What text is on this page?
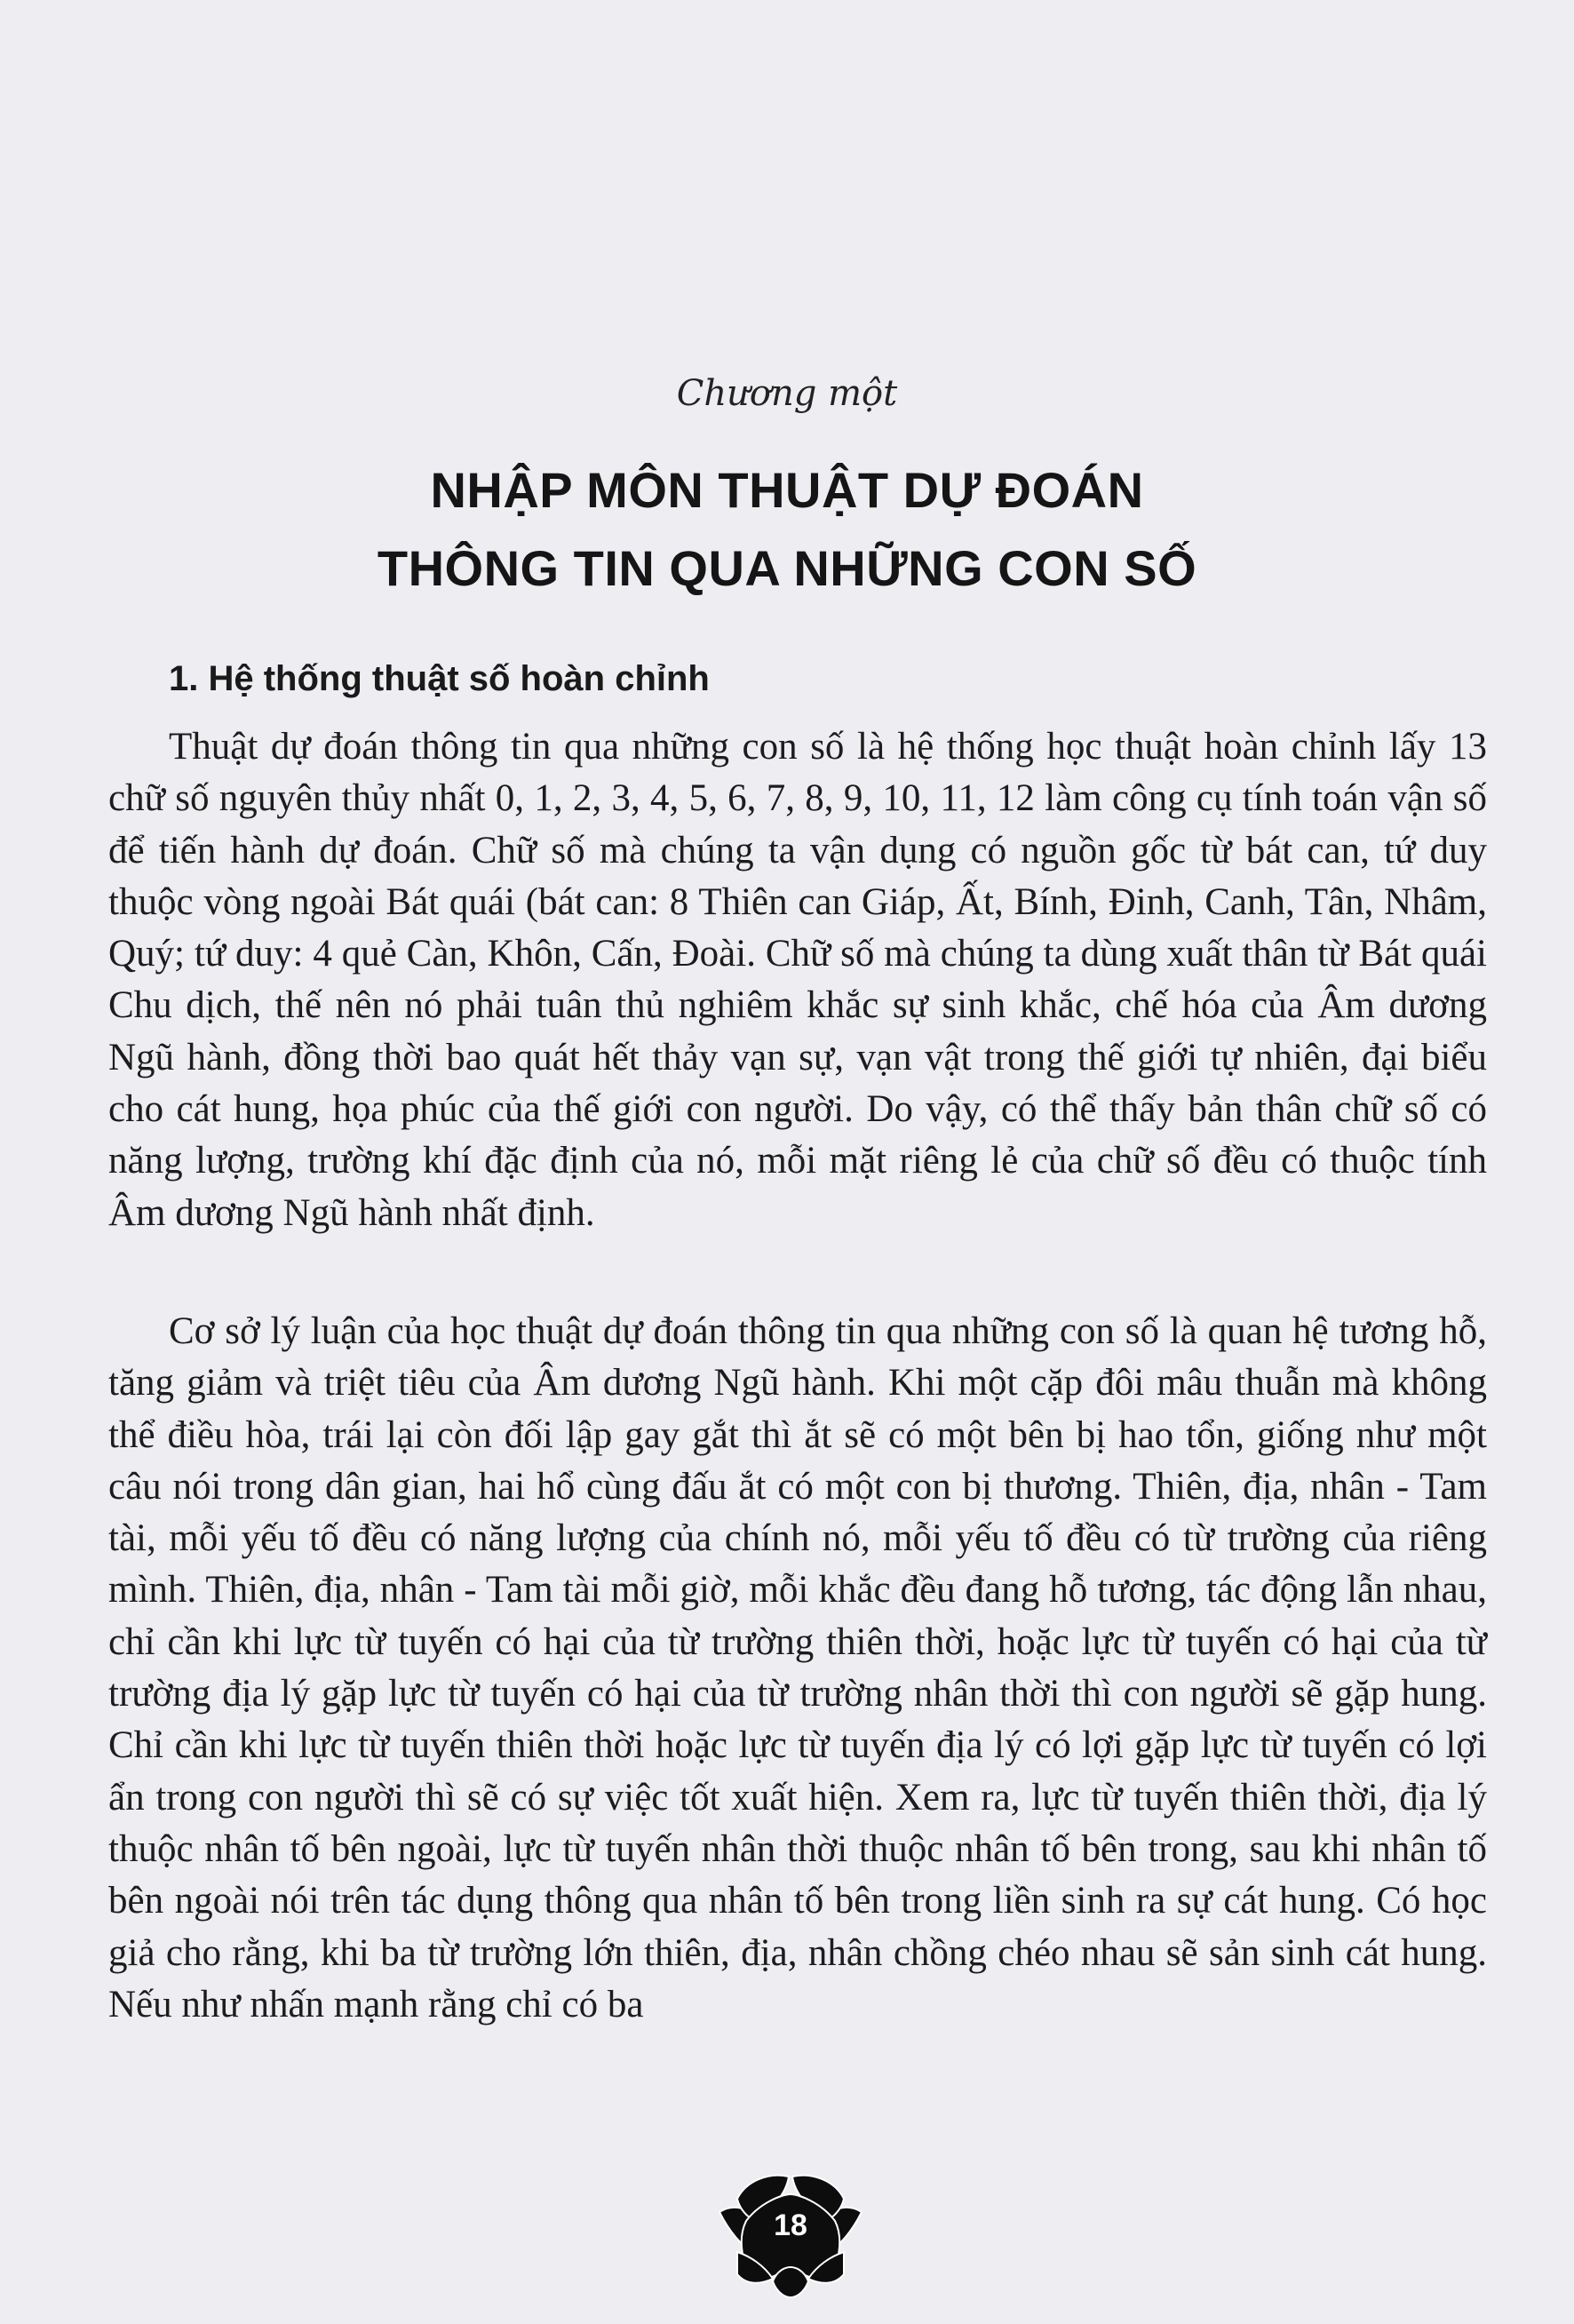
Chương một
NHẬP MÔN THUẬT DỰ ĐOÁN
THÔNG TIN QUA NHỮNG CON SỐ
1. Hệ thống thuật số hoàn chỉnh

Thuật dự đoán thông tin qua những con số là hệ thống học thuật hoàn chỉnh lấy 13 chữ số nguyên thủy nhất 0, 1, 2, 3, 4, 5, 6, 7, 8, 9, 10, 11, 12 làm công cụ tính toán vận số để tiến hành dự đoán. Chữ số mà chúng ta vận dụng có nguồn gốc từ bát can, tứ duy thuộc vòng ngoài Bát quái (bát can: 8 Thiên can Giáp, Ất, Bính, Đinh, Canh, Tân, Nhâm, Quý; tứ duy: 4 quẻ Càn, Khôn, Cấn, Đoài. Chữ số mà chúng ta dùng xuất thân từ Bát quái Chu dịch, thế nên nó phải tuân thủ nghiêm khắc sự sinh khắc, chế hóa của Âm dương Ngũ hành, đồng thời bao quát hết thảy vạn sự, vạn vật trong thế giới tự nhiên, đại biểu cho cát hung, họa phúc của thế giới con người. Do vậy, có thể thấy bản thân chữ số có năng lượng, trường khí đặc định của nó, mỗi mặt riêng lẻ của chữ số đều có thuộc tính Âm dương Ngũ hành nhất định.

Cơ sở lý luận của học thuật dự đoán thông tin qua những con số là quan hệ tương hỗ, tăng giảm và triệt tiêu của Âm dương Ngũ hành. Khi một cặp đôi mâu thuẫn mà không thể điều hòa, trái lại còn đối lập gay gắt thì ắt sẽ có một bên bị hao tổn, giống như một câu nói trong dân gian, hai hổ cùng đấu ắt có một con bị thương. Thiên, địa, nhân - Tam tài, mỗi yếu tố đều có năng lượng của chính nó, mỗi yếu tố đều có từ trường của riêng mình. Thiên, địa, nhân - Tam tài mỗi giờ, mỗi khắc đều đang hỗ tương, tác động lẫn nhau, chỉ cần khi lực từ tuyến có hại của từ trường thiên thời, hoặc lực từ tuyến có hại của từ trường địa lý gặp lực từ tuyến có hại của từ trường nhân thời thì con người sẽ gặp hung. Chỉ cần khi lực từ tuyến thiên thời hoặc lực từ tuyến địa lý có lợi gặp lực từ tuyến có lợi ẩn trong con người thì sẽ có sự việc tốt xuất hiện. Xem ra, lực từ tuyến thiên thời, địa lý thuộc nhân tố bên ngoài, lực từ tuyến nhân thời thuộc nhân tố bên trong, sau khi nhân tố bên ngoài nói trên tác dụng thông qua nhân tố bên trong liền sinh ra sự cát hung. Có học giả cho rằng, khi ba từ trường lớn thiên, địa, nhân chồng chéo nhau sẽ sản sinh cát hung. Nếu như nhấn mạnh rằng chỉ có ba

18
